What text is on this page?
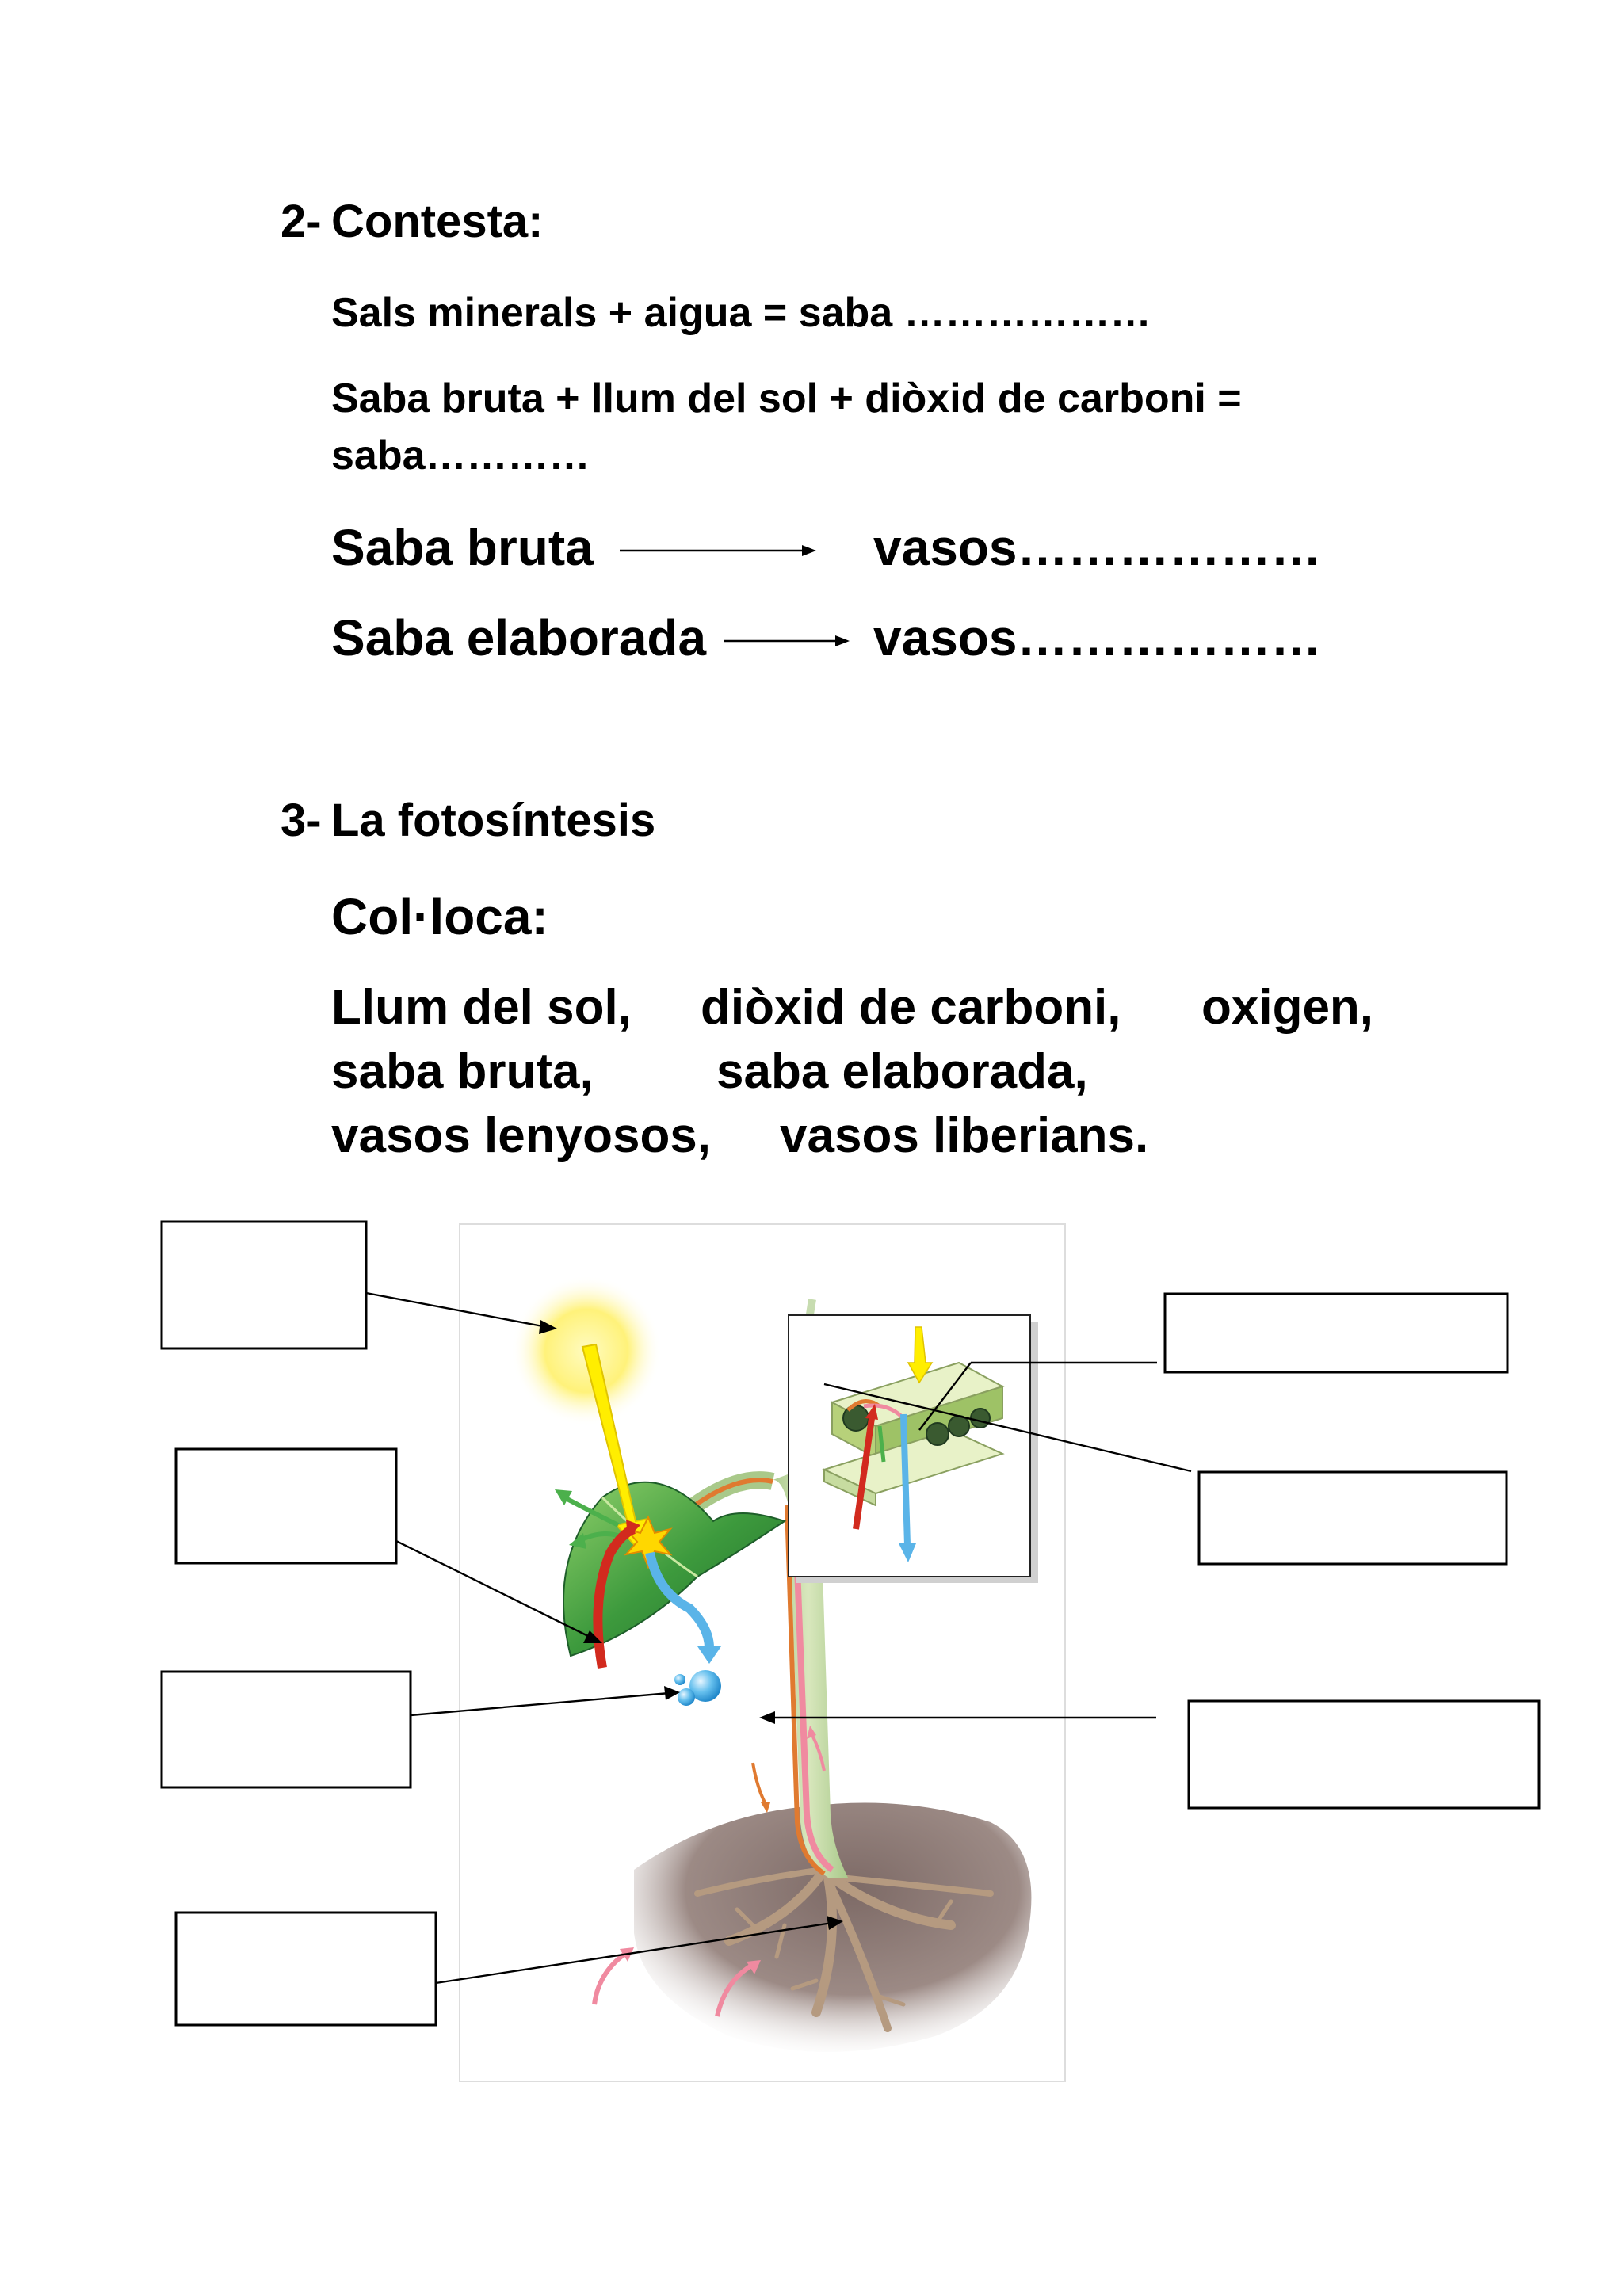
2- Contesta:
Sals minerals + aigua = saba ………………
Saba bruta + llum del sol + diòxid de carboni =
saba…………
Saba bruta	vasos………………
Saba elaborada	vasos………………
3- La fotosíntesis
Col·loca:
Llum del sol, diòxid de carboni, oxigen,
saba bruta,	saba elaborada,
vasos lenyosos, vasos liberians.
